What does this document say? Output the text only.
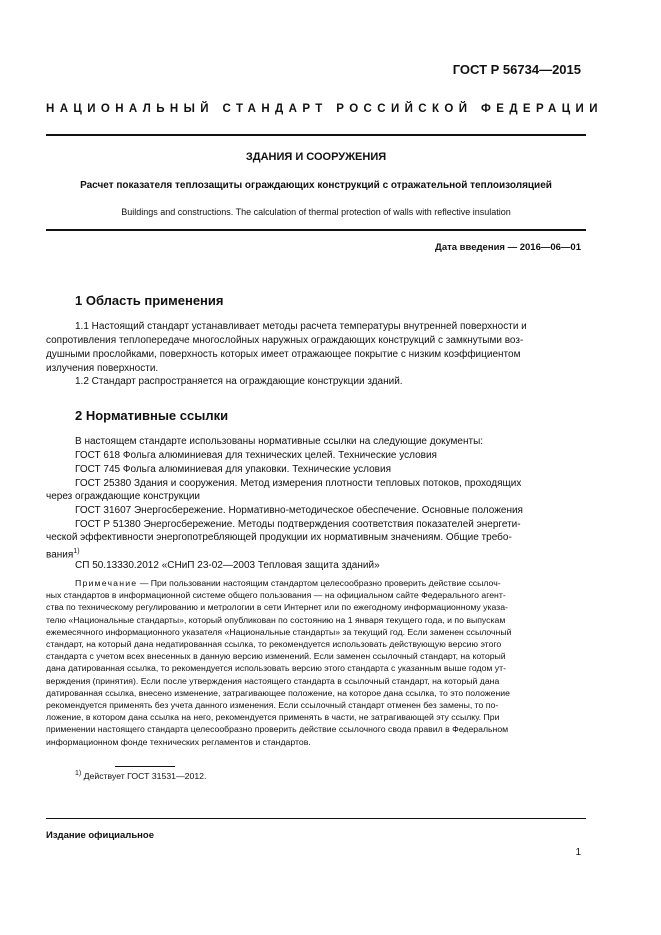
ГОСТ Р 56734—2015
НАЦИОНАЛЬНЫЙ СТАНДАРТ РОССИЙСКОЙ ФЕДЕРАЦИИ
ЗДАНИЯ И СООРУЖЕНИЯ
Расчет показателя теплозащиты ограждающих конструкций с отражательной теплоизоляцией
Buildings and constructions. The calculation of thermal protection of walls with reflective insulation
Дата введения — 2016—06—01
1 Область применения
1.1 Настоящий стандарт устанавливает методы расчета температуры внутренней поверхности и
сопротивления теплопередаче многослойных наружных ограждающих конструкций с замкнутыми воз-
душными прослойками, поверхность которых имеет отражающее покрытие с низким коэффициентом
излучения поверхности.
1.2 Стандарт распространяется на ограждающие конструкции зданий.
2 Нормативные ссылки
В настоящем стандарте использованы нормативные ссылки на следующие документы:
ГОСТ 618 Фольга алюминиевая для технических целей. Технические условия
ГОСТ 745 Фольга алюминиевая для упаковки. Технические условия
ГОСТ 25380 Здания и сооружения. Метод измерения плотности тепловых потоков, проходящих
через ограждающие конструкции
ГОСТ 31607 Энергосбережение. Нормативно-методическое обеспечение. Основные положения
ГОСТ Р 51380 Энергосбережение. Методы подтверждения соответствия показателей энергети-
ческой эффективности энергопотребляющей продукции их нормативным значениям. Общие требо-
вания$^{1)}$
СП 50.13330.2012 «СНиП 23-02—2003 Тепловая защита зданий»
Примечание — При пользовании настоящим стандартом целесообразно проверить действие ссылоч-
ных стандартов в информационной системе общего пользования — на официальном сайте Федерального агент-
ства по техническому регулированию и метрологии в сети Интернет или по ежегодному информационному указа-
телю «Национальные стандарты», который опубликован по состоянию на 1 января текущего года, и по выпускам
ежемесячного информационного указателя «Национальные стандарты» за текущий год. Если заменен ссылочный
стандарт, на который дана недатированная ссылка, то рекомендуется использовать действующую версию этого
стандарта с учетом всех внесенных в данную версию изменений. Если заменен ссылочный стандарт, на который
дана датированная ссылка, то рекомендуется использовать версию этого стандарта с указанным выше годом ут-
верждения (принятия). Если после утверждения настоящего стандарта в ссылочный стандарт, на который дана
датированная ссылка, внесено изменение, затрагивающее положение, на которое дана ссылка, то это положение
рекомендуется применять без учета данного изменения. Если ссылочный стандарт отменен без замены, то по-
ложение, в котором дана ссылка на него, рекомендуется применять в части, не затрагивающей эту ссылку. При
применении настоящего стандарта целесообразно проверить действие ссылочного свода правил в Федеральном
информационном фонде технических регламентов и стандартов.
$^{1)}$ Действует ГОСТ 31531—2012.
Издание официальное
1
